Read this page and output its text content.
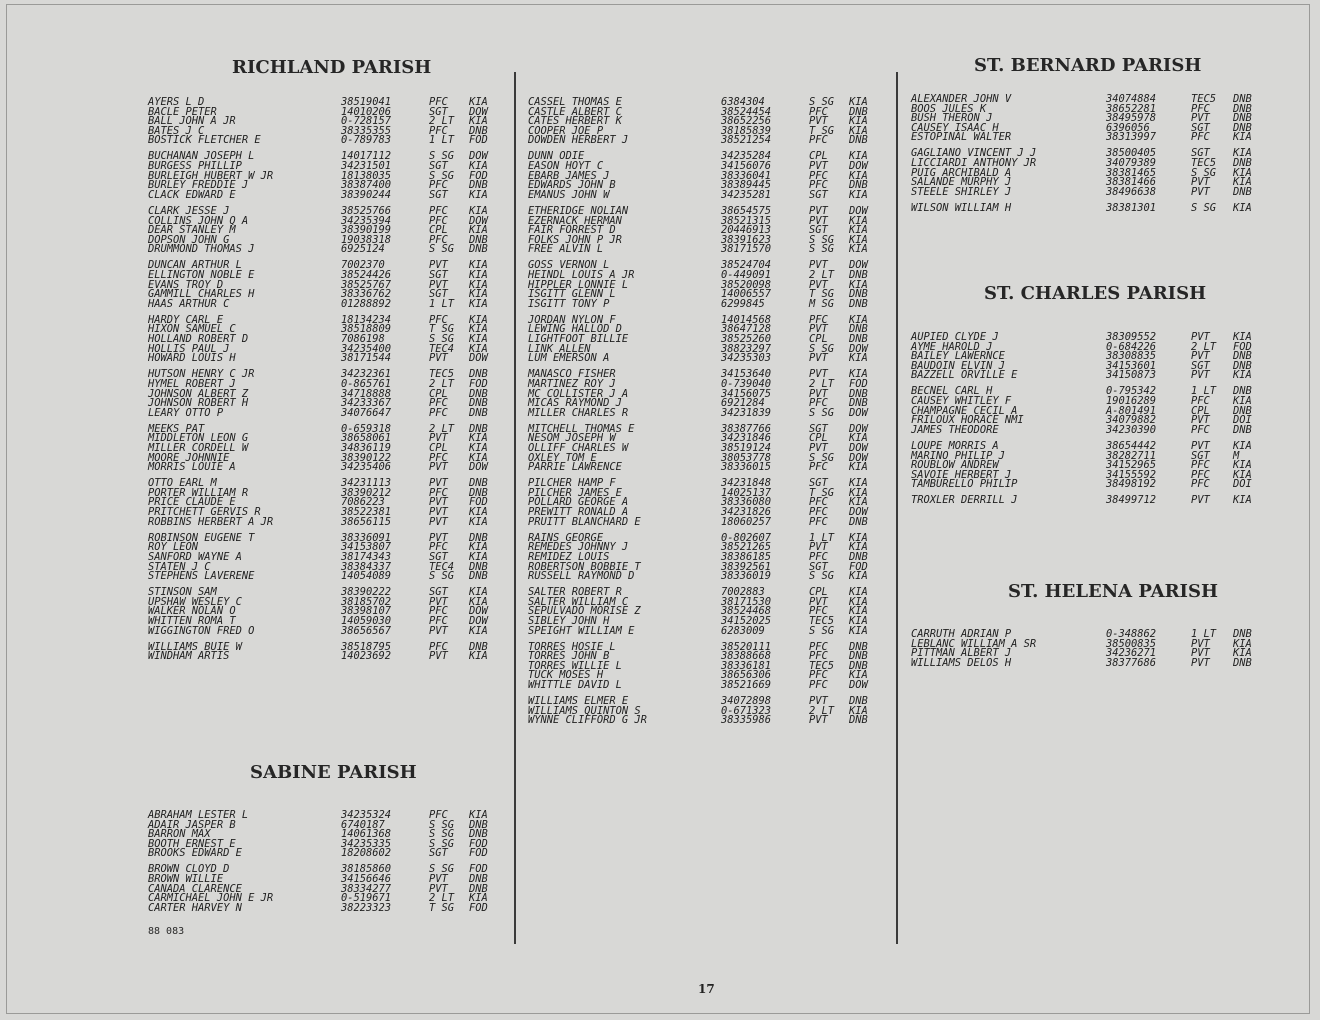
RICHLAND PARISH
SABINE PARISH
ST. BERNARD PARISH
ST. CHARLES PARISH
ST. HELENA PARISH
AYERS L D	38519041	PFC KIA
BACLE PETER	14010206	SGT DOW
BALL JOHN A JR	0-728157	2 LT KIA
BATES J C	38335355	PFC DNB
BOSTICK FLETCHER E	0-789783	1 LT FOD
BUCHANAN JOSEPH L	14017112	S SG DOW
BURGESS PHILLIP	34231501	SGT KIA
BURLEIGH HUBERT W JR	18138035	S SG FOD
BURLEY FREDDIE J	38387400	PFC DNB
CLACK EDWARD E	38390244	SGT KIA
CLARK JESSE J	38525766	PFC KIA
COLLINS JOHN Q A	34235394	PFC DOW
DEAR STANLEY M	38390199	CPL KIA
DOPSON JOHN G	19038318	PFC DNB
DRUMMOND THOMAS J	6925124	S SG DNB
DUNCAN ARTHUR L	7002370	PVT KIA
ELLINGTON NOBLE E	38524426	SGT KIA
EVANS TROY D	38525767	PVT KIA
GAMMILL CHARLES H	38336762	SGT KIA
HAAS ARTHUR C	01288892	1 LT KIA
HARDY CARL E	18134234	PFC KIA
HIXON SAMUEL C	38518809	T SG KIA
HOLLAND ROBERT D	7086198	S SG KIA
HOLLIS PAUL J	34235400	TEC4 KIA
HOWARD LOUIS H	38171544	PVT DOW
HUTSON HENRY C JR	34232361	TEC5 DNB
HYMEL ROBERT J	0-865761	2 LT FOD
JOHNSON ALBERT Z	34718888	CPL DNB
JOHNSON ROBERT H	34233367	PFC DNB
LEARY OTTO P	34076647	PFC DNB
MEEKS PAT	0-659318	2 LT DNB
MIDDLETON LEON G	38658061	PVT KIA
MILLER CORDELL W	34836119	CPL KIA
MOORE JOHNNIE	38390122	PFC KIA
MORRIS LOUIE A	34235406	PVT DOW
OTTO EARL M	34231113	PVT DNB
PORTER WILLIAM R	38390212	PFC DNB
PRICE CLAUDE E	7086223	PVT FOD
PRITCHETT GERVIS R	38522381	PVT KIA
ROBBINS HERBERT A JR	38656115	PVT KIA
ROBINSON EUGENE T	38336091	PVT DNB
ROY LEON	34153807	PFC KIA
SANFORD WAYNE A	38174343	SGT KIA
STATEN J C	38384337	TEC4 DNB
STEPHENS LAVERENE	14054089	S SG DNB
STINSON SAM	38390222	SGT KIA
UPSHAW WESLEY C	38185702	PVT KIA
WALKER NOLAN O	38398107	PFC DOW
WHITTEN ROMA T	14059030	PFC DOW
WIGGINGTON FRED O	38656567	PVT KIA
WILLIAMS BUIE W	38518795	PFC DNB
WINDHAM ARTIS	14023692	PVT KIA
ABRAHAM LESTER L	34235324	PFC KIA
ADAIR JASPER B	6740187	S SG DNB
BARRON MAX	14061368	S SG DNB
BOOTH ERNEST E	34235335	S SG FOD
BROOKS EDWARD E	18208602	SGT FOD
BROWN CLOYD D	38185860	S SG FOD
BROWN WILLIE	34156646	PVT DNB
CANADA CLARENCE	38334277	PVT DNB
CARMICHAEL JOHN E JR	0-519671	2 LT KIA
CARTER HARVEY N	38223323	T SG FOD
CASSEL THOMAS E	6384304	S SG KIA
CASTLE ALBERT C	38524454	PFC DNB
CATES HERBERT K	38652256	PVT KIA
COOPER JOE P	38185839	T SG KIA
DOWDEN HERBERT J	38521254	PFC DNB
DUNN ODIE	34235284	CPL KIA
EASON HOYT C	34156076	PVT DOW
EBARB JAMES J	38336041	PFC KIA
EDWARDS JOHN B	38389445	PFC DNB
EMANUS JOHN W	34235281	SGT KIA
ETHERIDGE NOLIAN	38654575	PVT DOW
EZERNACK HERMAN	38521315	PVT KIA
FAIR FORREST D	20446913	SGT KIA
FOLKS JOHN P JR	38391623	S SG KIA
FREE ALVIN L	38171570	S SG KIA
GOSS VERNON L	38524704	PVT DOW
HEINDL LOUIS A JR	0-449091	2 LT DNB
HIPPLER LONNIE L	38520098	PVT KIA
ISGITT GLENN L	14006557	T SG DNB
ISGITT TONY P	6299845	M SG DNB
JORDAN NYLON F	14014568	PFC KIA
LEWING HALLOD D	38647128	PVT DNB
LIGHTFOOT BILLIE	38525260	CPL DNB
LINK ALLEN	38823297	S SG DOW
LUM EMERSON A	34235303	PVT KIA
MANASCO FISHER	34153640	PVT KIA
MARTINEZ ROY J	0-739040	2 LT FOD
MC COLLISTER J A	34156075	PVT DNB
MICAS RAYMOND J	6921284	PFC DNB
MILLER CHARLES R	34231839	S SG DOW
MITCHELL THOMAS E	38387766	SGT DOW
NESOM JOSEPH W	34231846	CPL KIA
OLLIFF CHARLES W	38519124	PVT DOW
OXLEY TOM E	38053778	S SG DOW
PARRIE LAWRENCE	38336015	PFC KIA
PILCHER HAMP F	34231848	SGT KIA
PILCHER JAMES E	14025137	T SG KIA
POLLARD GEORGE A	38336080	PFC KIA
PREWITT RONALD A	34231826	PFC DOW
PRUITT BLANCHARD E	18060257	PFC DNB
RAINS GEORGE	0-802607	1 LT KIA
REMEDES JOHNNY J	38521265	PVT KIA
REMIDEZ LOUIS	38386185	PFC DNB
ROBERTSON BOBBIE T	38392561	SGT FOD
RUSSELL RAYMOND D	38336019	S SG KIA
SALTER ROBERT R	7002883	CPL KIA
SALTER WILLIAM C	38171530	PVT KIA
SEPULVADO MORISE Z	38524468	PFC KIA
SIBLEY JOHN H	34152025	TEC5 KIA
SPEIGHT WILLIAM E	6283009	S SG KIA
TORRES HOSIE L	38520111	PFC DNB
TORRES JOHN B	38388668	PFC DNB
TORRES WILLIE L	38336181	TEC5 DNB
TUCK MOSES H	38656306	PFC KIA
WHITTLE DAVID L	38521669	PFC DOW
WILLIAMS ELMER E	34072898	PVT DNB
WILLIAMS QUINTON S	0-671323	2 LT KIA
WYNNE CLIFFORD G JR	38335986	PVT DNB
ALEXANDER JOHN V	34074884	TEC5 DNB
BOOS JULES K	38652281	PFC DNB
BUSH THERON J	38495978	PVT DNB
CAUSEY ISAAC H	6396056	SGT DNB
ESTOPINAL WALTER	38313997	PFC KIA
GAGLIANO VINCENT J J	38500405	SGT KIA
LICCIARDI ANTHONY JR	34079389	TEC5 DNB
PUIG ARCHIBALD A	38381465	S SG KIA
SALANDE MURPHY J	38381466	PVT KIA
STEELE SHIRLEY J	38496638	PVT DNB
WILSON WILLIAM H	38381301	S SG KIA
AUPIED CLYDE J	38309552	PVT KIA
AYME HAROLD J	0-684226	2 LT FOD
BAILEY LAWERNCE	38308835	PVT DNB
BAUDOIN ELVIN J	34153601	SGT DNB
BAZZELL ORVILLE E	34150873	PVT KIA
BECNEL CARL H	0-795342	1 LT DNB
CAUSEY WHITLEY F	19016289	PFC KIA
CHAMPAGNE CECIL A	A-801491	CPL DNB
FRILOUX HORACE NMI	34079882	PVT DOI
JAMES THEODORE	34230390	PFC DNB
LOUPE MORRIS A	38654442	PVT KIA
MARINO PHILIP J	38282711	SGT M
ROUBLOW ANDREW	34152965	PFC KIA
SAVOIE HERBERT J	34155592	PFC KIA
TAMBURELLO PHILIP	38498192	PFC DOI
TROXLER DERRILL J	38499712	PVT KIA
CARRUTH ADRIAN P	0-348862	1 LT DNB
LEBLANC WILLIAM A SR	38500835	PVT KIA
PITTMAN ALBERT J	34236271	PVT KIA
WILLIAMS DELOS H	38377686	PVT DNB
88 083
17
